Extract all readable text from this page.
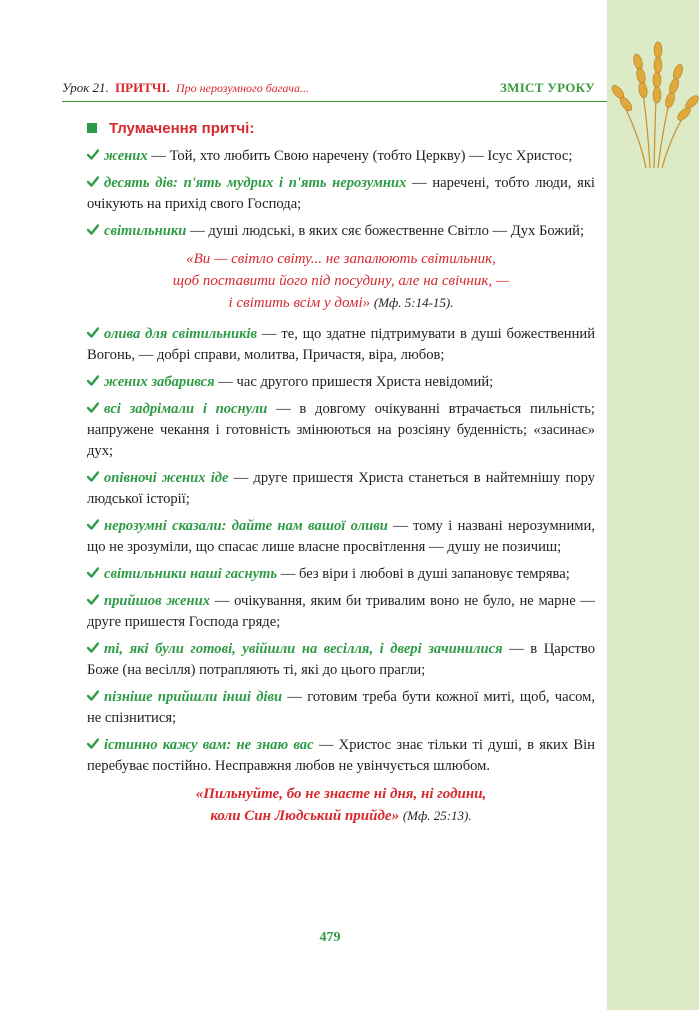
Урок 21. ПРИТЧІ. Про нерозумного багача...	ЗМІСТ УРОКУ
Тлумачення притчі:
жених — Той, хто любить Свою наречену (тобто Церкву) — Ісус Христос;
десять дів: п'ять мудрих і п'ять нерозумних — наречені, тобто люди, які очікують на прихід свого Господа;
світильники — душі людські, в яких сяє божественне Світло — Дух Божий;
«Ви — світло світу... не запалюють світильник,
щоб поставити його під посудину, але на свічник, —
і світить всім у домі» (Мф. 5:14-15).
олива для світильників — те, що здатне підтримувати в душі божественний Вогонь, — добрі справи, молитва, Причастя, віра, любов;
жених забарився — час другого пришестя Христа невідомий;
всі задрімали і поснули — в довгому очікуванні втрачається пильність; напружене чекання і готовність змінюються на розсіяну буденність; «засинає» дух;
опівночі жених іде — друге пришестя Христа станеться в найтемнішу пору людської історії;
нерозумні сказали: дайте нам вашої оливи — тому і названі нерозумними, що не зрозуміли, що спасає лише власне просвітлення — душу не позичиш;
світильники наші гаснуть — без віри і любові в душі запановує темрява;
прийшов жених — очікування, яким би тривалим воно не було, не марне — друге пришестя Господа гряде;
ті, які були готові, увійшли на весілля, і двері зачинилися — в Царство Боже (на весілля) потрапляють ті, які до цього прагли;
пізніше прийшли інші діви — готовим треба бути кожної миті, щоб, часом, не спізнитися;
істинно кажу вам: не знаю вас — Христос знає тільки ті душі, в яких Він перебуває постійно. Несправжня любов не увінчується шлюбом.
«Пильнуйте, бо не знаєте ні дня, ні години,
коли Син Людський прийде» (Мф. 25:13).
479
